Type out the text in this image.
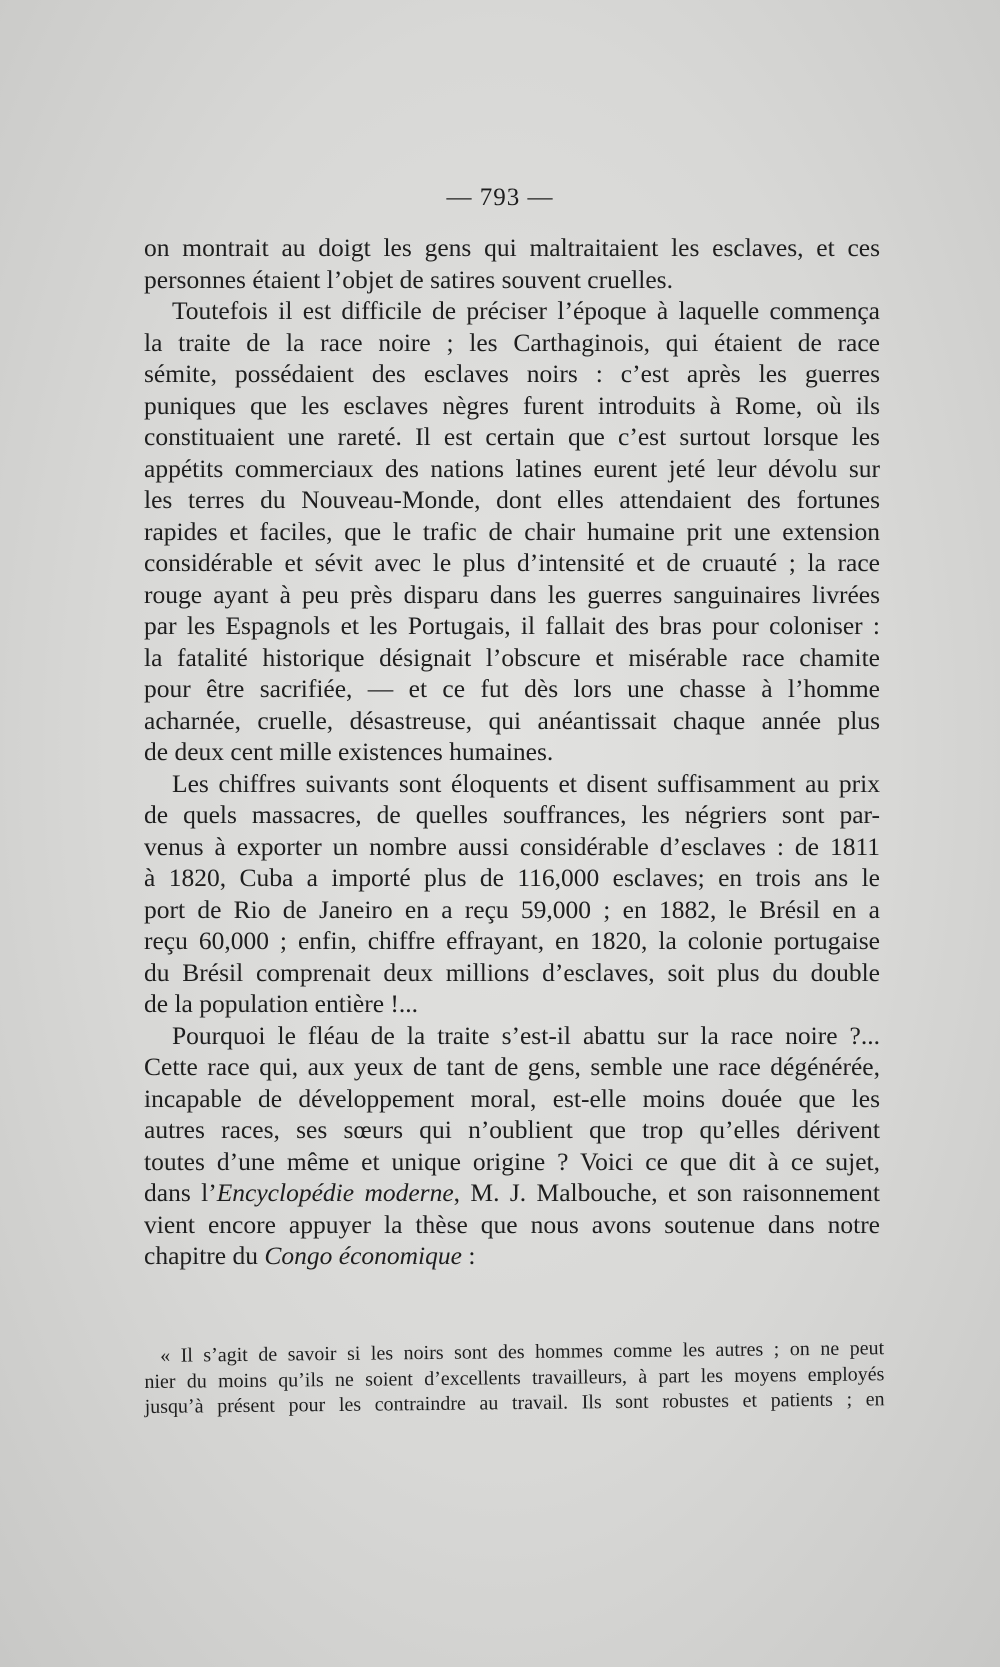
— 793 —
on montrait au doigt les gens qui maltraitaient les esclaves, et ces
personnes étaient l’objet de satires souvent cruelles.
Toutefois il est difficile de préciser l’époque à laquelle commença
la traite de la race noire ; les Carthaginois, qui étaient de race
sémite, possédaient des esclaves noirs : c’est après les guerres
puniques que les esclaves nègres furent introduits à Rome, où ils
constituaient une rareté. Il est certain que c’est surtout lorsque les
appétits commerciaux des nations latines eurent jeté leur dévolu sur
les terres du Nouveau-Monde, dont elles attendaient des fortunes
rapides et faciles, que le trafic de chair humaine prit une extension
considérable et sévit avec le plus d’intensité et de cruauté ; la race
rouge ayant à peu près disparu dans les guerres sanguinaires livrées
par les Espagnols et les Portugais, il fallait des bras pour coloniser :
la fatalité historique désignait l’obscure et misérable race chamite
pour être sacrifiée, — et ce fut dès lors une chasse à l’homme
acharnée, cruelle, désastreuse, qui anéantissait chaque année plus
de deux cent mille existences humaines.
Les chiffres suivants sont éloquents et disent suffisamment au prix
de quels massacres, de quelles souffrances, les négriers sont par-
venus à exporter un nombre aussi considérable d’esclaves : de 1811
à 1820, Cuba a importé plus de 116,000 esclaves; en trois ans le
port de Rio de Janeiro en a reçu 59,000 ; en 1882, le Brésil en a
reçu 60,000 ; enfin, chiffre effrayant, en 1820, la colonie portugaise
du Brésil comprenait deux millions d’esclaves, soit plus du double
de la population entière !...
Pourquoi le fléau de la traite s’est-il abattu sur la race noire ?...
Cette race qui, aux yeux de tant de gens, semble une race dégénérée,
incapable de développement moral, est-elle moins douée que les
autres races, ses sœurs qui n’oublient que trop qu’elles dérivent
toutes d’une même et unique origine ? Voici ce que dit à ce sujet,
dans l’Encyclopédie moderne, M. J. Malbouche, et son raisonnement
vient encore appuyer la thèse que nous avons soutenue dans notre
chapitre du Congo économique :
« Il s’agit de savoir si les noirs sont des hommes comme les autres ; on ne peut
nier du moins qu’ils ne soient d’excellents travailleurs, à part les moyens employés
jusqu’à présent pour les contraindre au travail. Ils sont robustes et patients ; en
